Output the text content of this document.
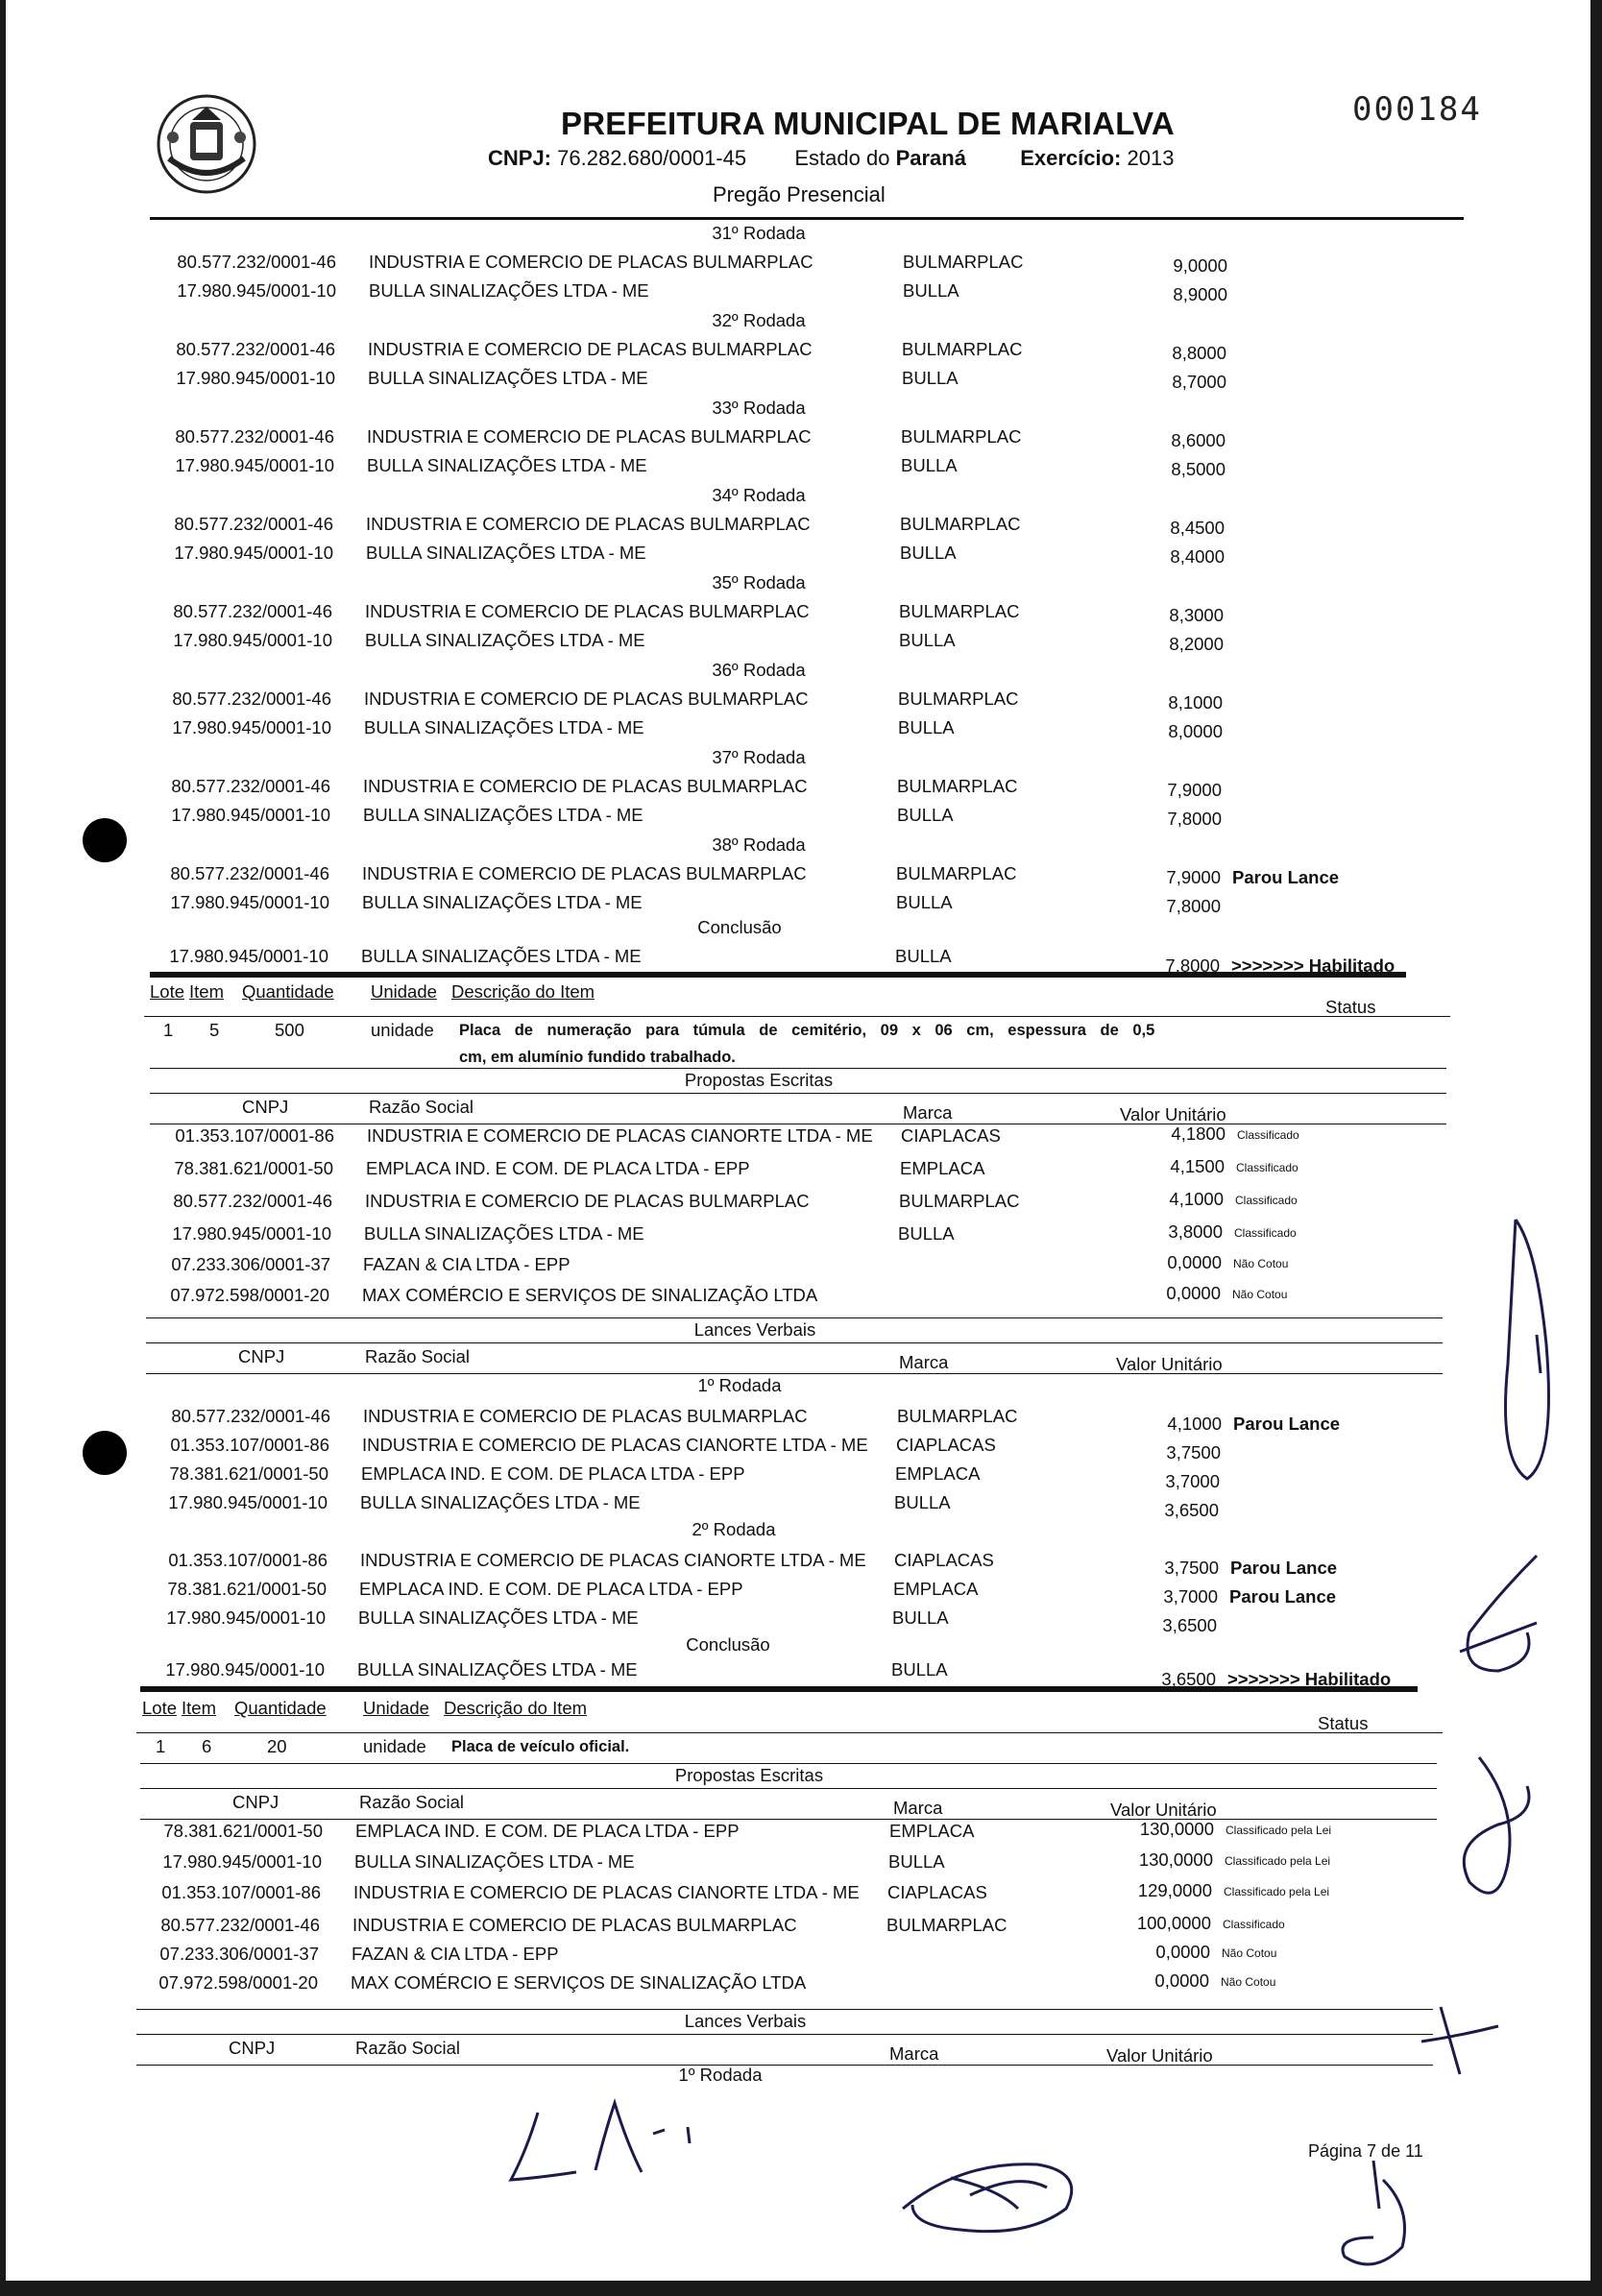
PREFEITURA MUNICIPAL DE MARIALVA
CNPJ: 76.282.680/0001-45 Estado do Paraná	Exercício: 2013
Pregão Presencial
000184
31º Rodada
80.577.232/0001-46 INDUSTRIA E COMERCIO DE PLACAS BULMARPLAC	BULMARPLAC	9,0000
17.980.945/0001-10 BULLA SINALIZAÇÕES LTDA - ME	BULLA	8,9000
32º Rodada
80.577.232/0001-46 INDUSTRIA E COMERCIO DE PLACAS BULMARPLAC	BULMARPLAC	8,8000
17.980.945/0001-10 BULLA SINALIZAÇÕES LTDA - ME	BULLA	8,7000
33º Rodada
80.577.232/0001-46 INDUSTRIA E COMERCIO DE PLACAS BULMARPLAC	BULMARPLAC	8,6000
17.980.945/0001-10 BULLA SINALIZAÇÕES LTDA - ME	BULLA	8,5000
34º Rodada
80.577.232/0001-46 INDUSTRIA E COMERCIO DE PLACAS BULMARPLAC	BULMARPLAC	8,4500
17.980.945/0001-10 BULLA SINALIZAÇÕES LTDA - ME	BULLA	8,4000
35º Rodada
80.577.232/0001-46 INDUSTRIA E COMERCIO DE PLACAS BULMARPLAC	BULMARPLAC	8,3000
17.980.945/0001-10 BULLA SINALIZAÇÕES LTDA - ME	BULLA	8,2000
36º Rodada
80.577.232/0001-46 INDUSTRIA E COMERCIO DE PLACAS BULMARPLAC	BULMARPLAC	8,1000
17.980.945/0001-10 BULLA SINALIZAÇÕES LTDA - ME	BULLA	8,0000
37º Rodada
80.577.232/0001-46 INDUSTRIA E COMERCIO DE PLACAS BULMARPLAC	BULMARPLAC	7,9000
17.980.945/0001-10 BULLA SINALIZAÇÕES LTDA - ME	BULLA	7,8000
38º Rodada
80.577.232/0001-46 INDUSTRIA E COMERCIO DE PLACAS BULMARPLAC	BULMARPLAC	7,9000 Parou Lance
17.980.945/0001-10 BULLA SINALIZAÇÕES LTDA - ME	BULLA	7,8000
Conclusão
17.980.945/0001-10 BULLA SINALIZAÇÕES LTDA - ME	BULLA	7,8000 >>>>>>> Habilitado
Lote Item Quantidade Unidade Descrição do Item
Status
1 5	500	unidade Placa de numeração para túmula de cemitério, 09 x 06 cm, espessura de 0,5
cm, em alumínio fundido trabalhado.
Propostas Escritas
CNPJ	Razão Social	Marca	Valor Unitário
01.353.107/0001-86 INDUSTRIA E COMERCIO DE PLACAS CIANORTE LTDA - ME CIAPLACAS	4,1800 Classificado
78.381.621/0001-50 EMPLACA IND. E COM. DE PLACA LTDA - EPP	EMPLACA	4,1500 Classificado
80.577.232/0001-46 INDUSTRIA E COMERCIO DE PLACAS BULMARPLAC	BULMARPLAC	4,1000 Classificado
17.980.945/0001-10 BULLA SINALIZAÇÕES LTDA - ME	BULLA	3,8000 Classificado
07.233.306/0001-37 FAZAN & CIA LTDA - EPP	0,0000 Não Cotou
07.972.598/0001-20 MAX COMÉRCIO E SERVIÇOS DE SINALIZAÇÃO LTDA	0,0000 Não Cotou
Lances Verbais
CNPJ	Razão Social	Marca	Valor Unitário
1º Rodada
80.577.232/0001-46 INDUSTRIA E COMERCIO DE PLACAS BULMARPLAC	BULMARPLAC	4,1000 Parou Lance
01.353.107/0001-86 INDUSTRIA E COMERCIO DE PLACAS CIANORTE LTDA - ME CIAPLACAS	3,7500
78.381.621/0001-50 EMPLACA IND. E COM. DE PLACA LTDA - EPP	EMPLACA	3,7000
17.980.945/0001-10 BULLA SINALIZAÇÕES LTDA - ME	BULLA	3,6500
2º Rodada
01.353.107/0001-86 INDUSTRIA E COMERCIO DE PLACAS CIANORTE LTDA - ME CIAPLACAS	3,7500 Parou Lance
78.381.621/0001-50 EMPLACA IND. E COM. DE PLACA LTDA - EPP	EMPLACA	3,7000 Parou Lance
17.980.945/0001-10 BULLA SINALIZAÇÕES LTDA - ME	BULLA	3,6500
Conclusão
17.980.945/0001-10 BULLA SINALIZAÇÕES LTDA - ME	BULLA	3,6500 >>>>>>> Habilitado
Lote Item Quantidade Unidade Descrição do Item
Status
1 6	20	unidade Placa de veículo oficial.
Propostas Escritas
CNPJ	Razão Social	Marca	Valor Unitário
78.381.621/0001-50 EMPLACA IND. E COM. DE PLACA LTDA - EPP	EMPLACA	130,0000 Classificado pela Lei
17.980.945/0001-10 BULLA SINALIZAÇÕES LTDA - ME	BULLA	130,0000 Classificado pela Lei
01.353.107/0001-86 INDUSTRIA E COMERCIO DE PLACAS CIANORTE LTDA - ME CIAPLACAS	129,0000 Classificado pela Lei
80.577.232/0001-46 INDUSTRIA E COMERCIO DE PLACAS BULMARPLAC	BULMARPLAC	100,0000 Classificado
07.233.306/0001-37 FAZAN & CIA LTDA - EPP	0,0000 Não Cotou
07.972.598/0001-20 MAX COMÉRCIO E SERVIÇOS DE SINALIZAÇÃO LTDA	0,0000 Não Cotou
Lances Verbais
CNPJ	Razão Social	Marca	Valor Unitário
1º Rodada
Página 7 de 11
